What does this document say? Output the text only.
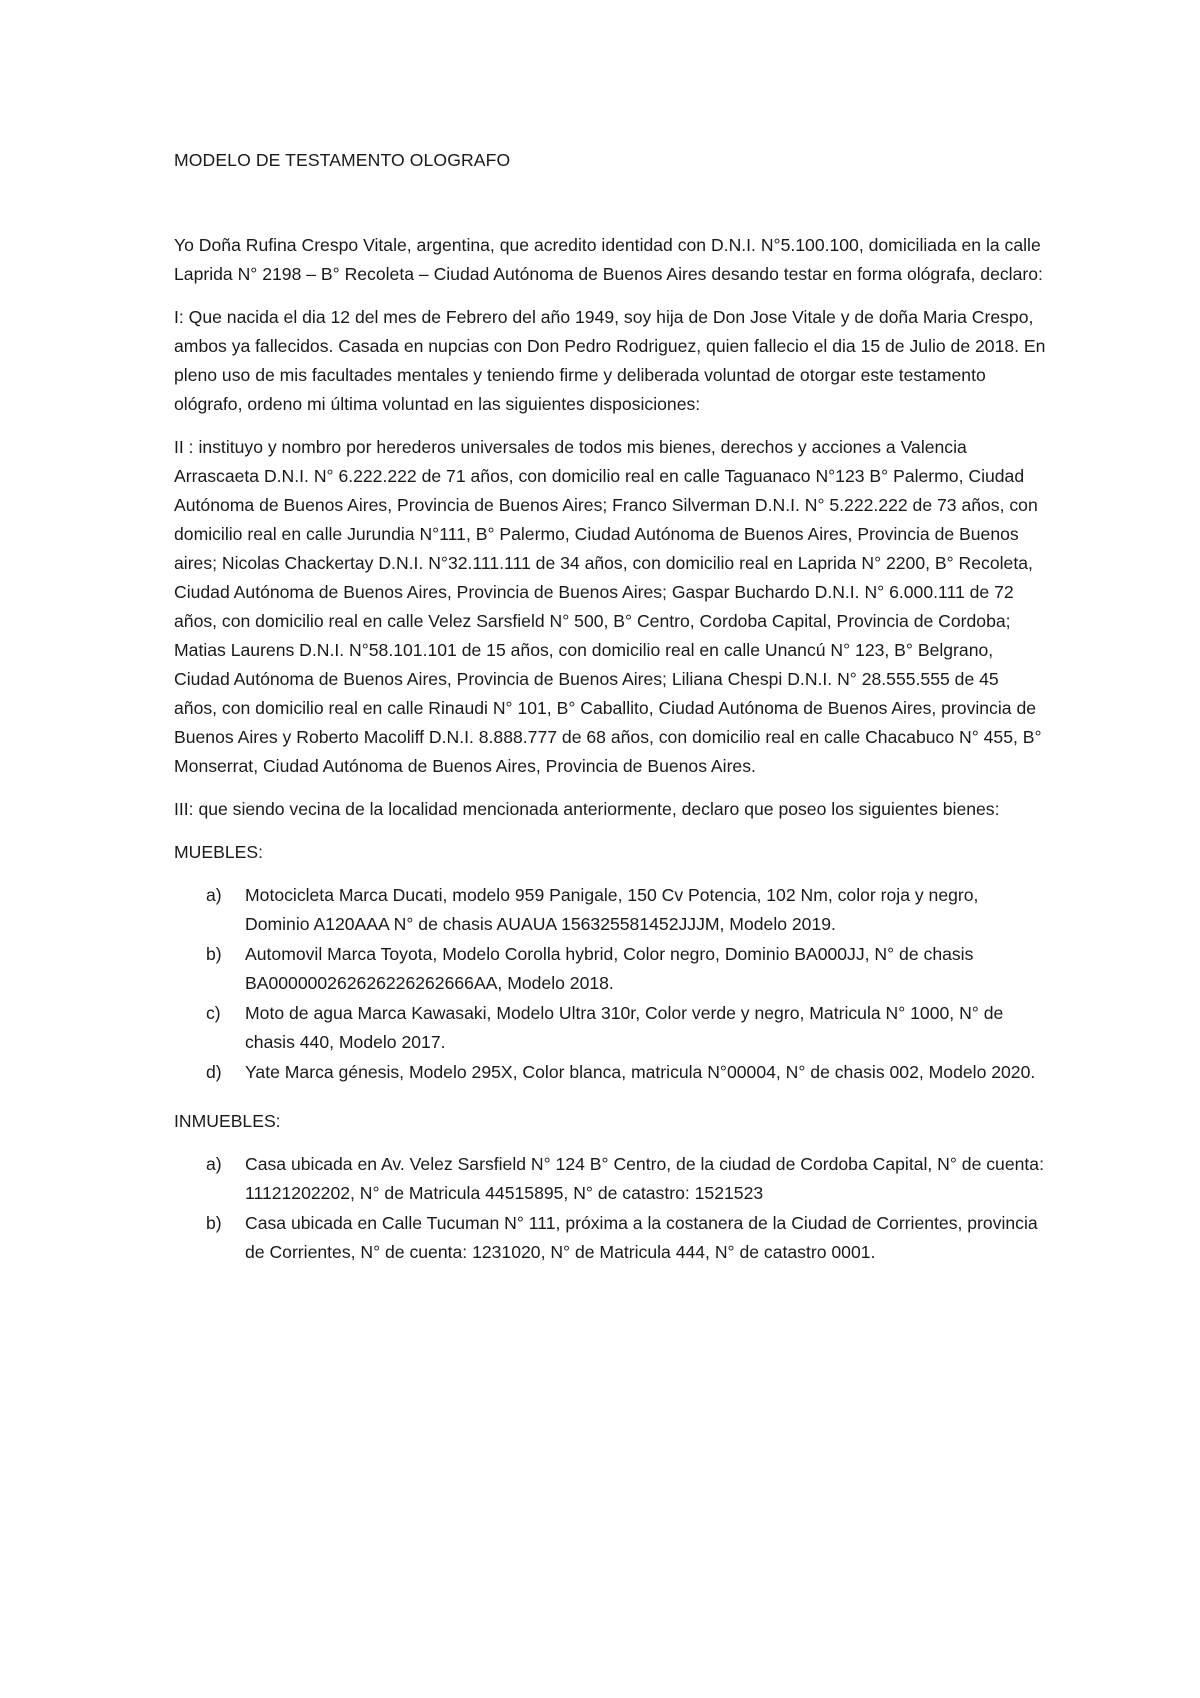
MODELO DE TESTAMENTO OLOGRAFO

Yo Doña Rufina Crespo Vitale, argentina, que acredito identidad con D.N.I. N°5.100.100, domiciliada en la calle Laprida N° 2198 – B° Recoleta – Ciudad Autónoma de Buenos Aires desando testar en forma ológrafa, declaro:

I: Que nacida el dia 12 del mes de Febrero del año 1949, soy hija de Don Jose Vitale y de doña Maria Crespo, ambos ya fallecidos. Casada en nupcias con Don Pedro Rodriguez, quien fallecio el dia 15 de Julio de 2018. En pleno uso de mis facultades mentales y teniendo firme y deliberada voluntad de otorgar este testamento ológrafo, ordeno mi última voluntad en las siguientes disposiciones:

II : instituyo y nombro por herederos universales de todos mis bienes, derechos y acciones a Valencia Arrascaeta D.N.I. N° 6.222.222 de 71 años, con domicilio real en calle Taguanaco N°123 B° Palermo, Ciudad Autónoma de Buenos Aires, Provincia de Buenos Aires; Franco Silverman D.N.I. N° 5.222.222 de 73 años, con domicilio real en calle Jurundia N°111, B° Palermo, Ciudad Autónoma de Buenos Aires, Provincia de Buenos aires; Nicolas Chackertay D.N.I. N°32.111.111 de 34 años, con domicilio real en Laprida N° 2200, B° Recoleta, Ciudad Autónoma de Buenos Aires, Provincia de Buenos Aires; Gaspar Buchardo D.N.I. N° 6.000.111 de 72 años, con domicilio real en calle Velez Sarsfield N° 500, B° Centro, Cordoba Capital, Provincia de Cordoba; Matias Laurens D.N.I. N°58.101.101 de 15 años, con domicilio real en calle Unancú N° 123, B° Belgrano, Ciudad Autónoma de Buenos Aires, Provincia de Buenos Aires; Liliana Chespi D.N.I. N° 28.555.555 de 45 años, con domicilio real en calle Rinaudi N° 101, B° Caballito, Ciudad Autónoma de Buenos Aires, provincia de Buenos Aires y Roberto Macoliff D.N.I. 8.888.777 de 68 años, con domicilio real en calle Chacabuco N° 455, B° Monserrat, Ciudad Autónoma de Buenos Aires, Provincia de Buenos Aires.

III: que siendo vecina de la localidad mencionada anteriormente, declaro que poseo los siguientes bienes:

MUEBLES:

a) Motocicleta Marca Ducati, modelo 959 Panigale, 150 Cv Potencia, 102 Nm, color roja y negro, Dominio A120AAA N° de chasis AUAUA 156325581452JJJM, Modelo 2019.
b) Automovil Marca Toyota, Modelo Corolla hybrid, Color negro, Dominio BA000JJ, N° de chasis BA000000262626226262666AA, Modelo 2018.
c) Moto de agua Marca Kawasaki, Modelo Ultra 310r, Color verde y negro, Matricula N° 1000, N° de chasis 440, Modelo 2017.
d) Yate Marca génesis, Modelo 295X, Color blanca, matricula N°00004, N° de chasis 002, Modelo 2020.

INMUEBLES:

a) Casa ubicada en Av. Velez Sarsfield N° 124 B° Centro, de la ciudad de Cordoba Capital, N° de cuenta: 11121202202, N° de Matricula 44515895, N° de catastro: 1521523
b) Casa ubicada en Calle Tucuman N° 111, próxima a la costanera de la Ciudad de Corrientes, provincia de Corrientes, N° de cuenta: 1231020, N° de Matricula 444, N° de catastro 0001.
